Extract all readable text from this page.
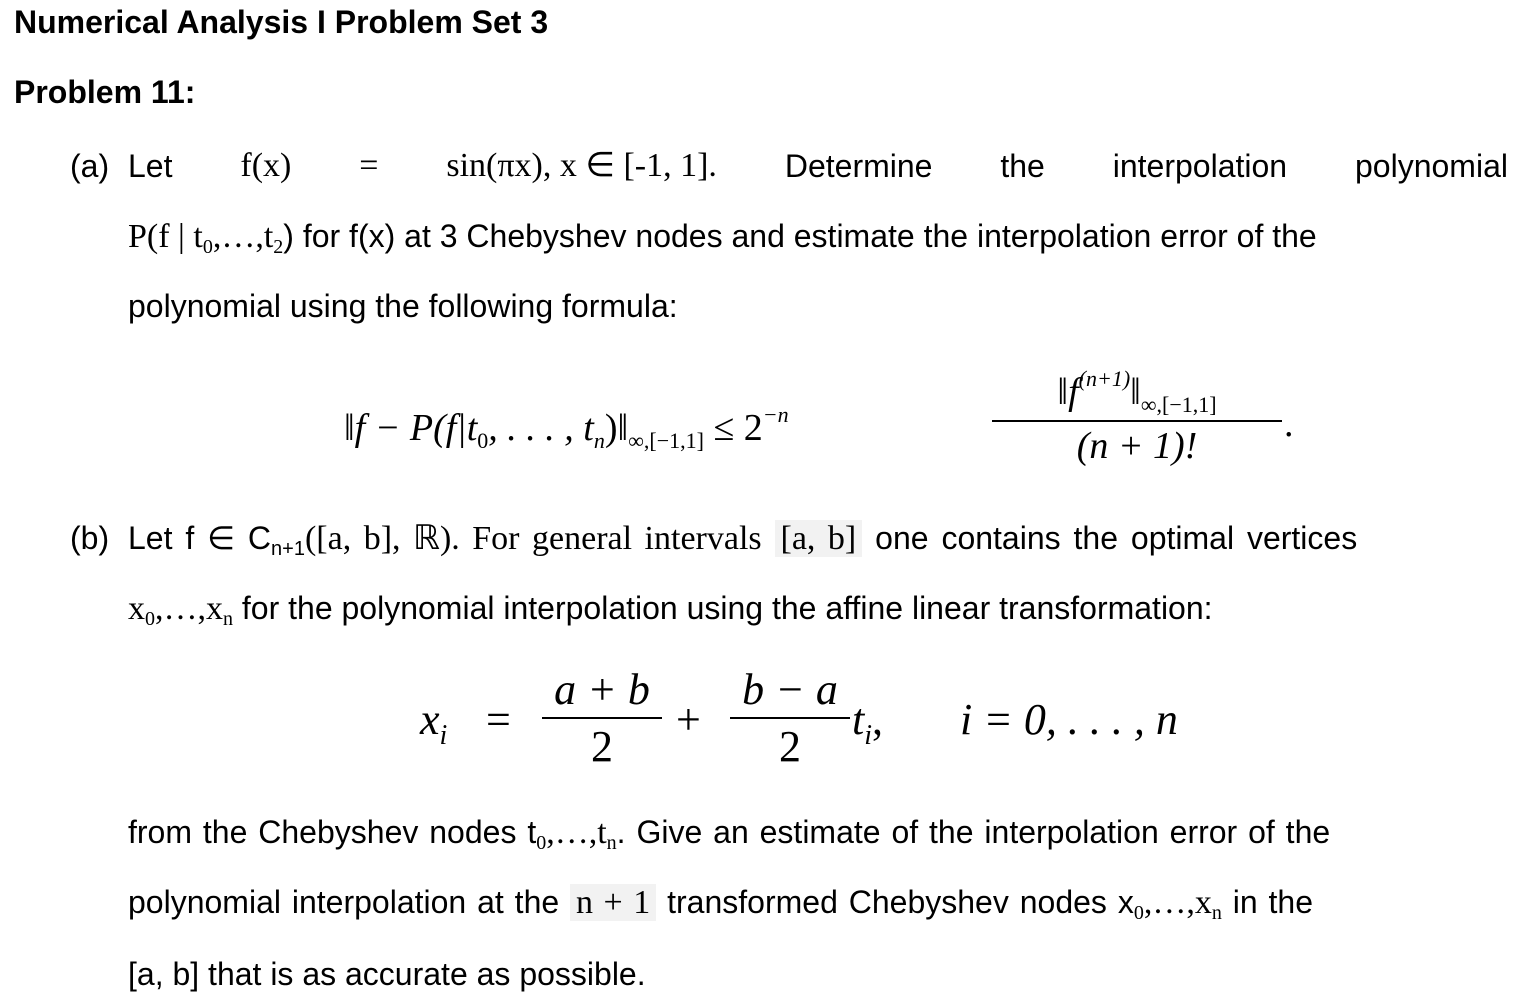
Numerical Analysis I Problem Set 3
Problem 11:
(a) Let f(x) = sin(πx), x ∈ [-1, 1]. Determine the interpolation polynomial
P(f | $t_0,\dots,t_2$) for f(x) at 3 Chebyshev nodes and estimate the interpolation error of the
polynomial using the following formula:
‖f − $P(f|t_0$, . . . , $t_n)‖_{\infty,[-1,1]} \le 2^{-n}$
$‖f^{(n+1)}‖_{\infty,[-1,1]}$
(n + 1)!
.
(b) Let f ∈ $C_{n+1}([a$, b], ℝ). For general intervals [a, b] one contains the optimal vertices
$x_0,\dots,x_n$ for the polynomial interpolation using the affine linear transformation:
$x_i$ =
a + b
2
+
b − a
2
$t_i$, i = 0, . . . , n
from the Chebyshev nodes $t_0,\dots,t_n$. Give an estimate of the interpolation error of the
polynomial interpolation at the n + 1 transformed Chebyshev nodes $x_0,\dots,x_n$ in the
[a, b] that is as accurate as possible.
